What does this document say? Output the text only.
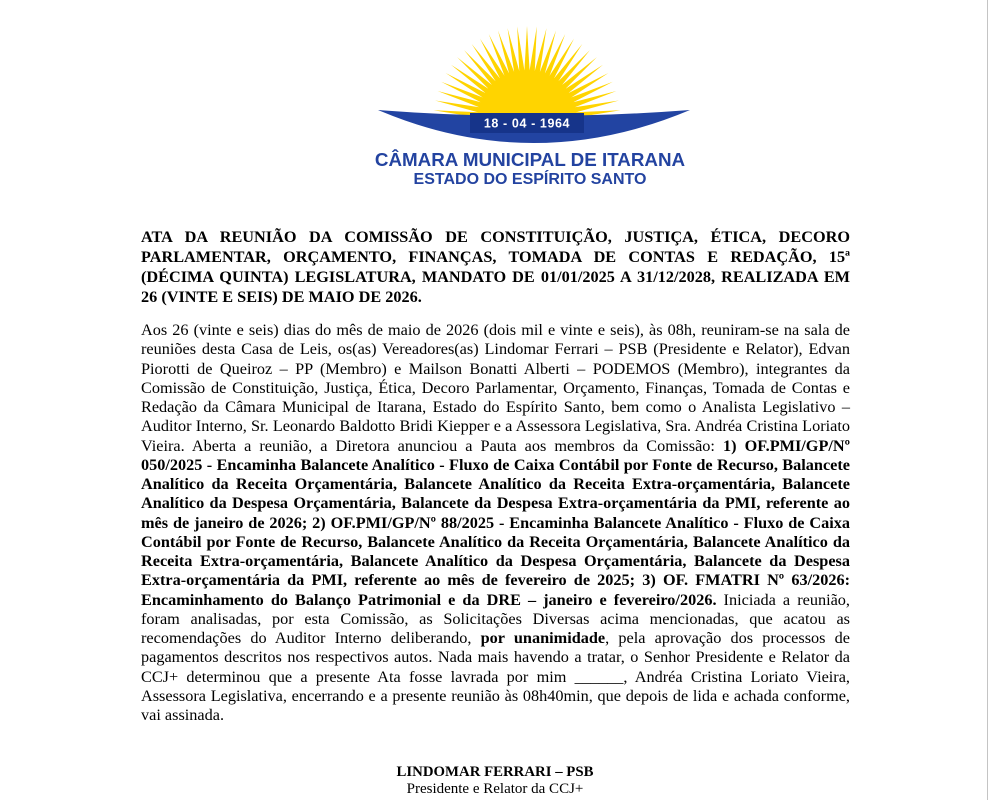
18 - 04 - 1964
CÂMARA MUNICIPAL DE ITARANA
ESTADO DO ESPÍRITO SANTO
ATA DA REUNIÃO DA COMISSÃO DE CONSTITUIÇÃO, JUSTIÇA, ÉTICA, DECORO PARLAMENTAR, ORÇAMENTO, FINANÇAS, TOMADA DE CONTAS E REDAÇÃO, 15ª (DÉCIMA QUINTA) LEGISLATURA, MANDATO DE 01/01/2025 A 31/12/2028, REALIZADA EM 26 (VINTE E SEIS) DE MAIO DE 2026.

Aos 26 (vinte e seis) dias do mês de maio de 2026 (dois mil e vinte e seis), às 08h, reuniram-se na sala de reuniões desta Casa de Leis, os(as) Vereadores(as) Lindomar Ferrari – PSB (Presidente e Relator), Edvan Piorotti de Queiroz – PP (Membro) e Mailson Bonatti Alberti – PODEMOS (Membro), integrantes da Comissão de Constituição, Justiça, Ética, Decoro Parlamentar, Orçamento, Finanças, Tomada de Contas e Redação da Câmara Municipal de Itarana, Estado do Espírito Santo, bem como o Analista Legislativo – Auditor Interno, Sr. Leonardo Baldotto Bridi Kiepper e a Assessora Legislativa, Sra. Andréa Cristina Loriato Vieira. Aberta a reunião, a Diretora anunciou a Pauta aos membros da Comissão: 1) OF.PMI/GP/Nº 050/2025 - Encaminha Balancete Analítico - Fluxo de Caixa Contábil por Fonte de Recurso, Balancete Analítico da Receita Orçamentária, Balancete Analítico da Receita Extra-orçamentária, Balancete Analítico da Despesa Orçamentária, Balancete da Despesa Extra-orçamentária da PMI, referente ao mês de janeiro de 2026; 2) OF.PMI/GP/Nº 88/2025 - Encaminha Balancete Analítico - Fluxo de Caixa Contábil por Fonte de Recurso, Balancete Analítico da Receita Orçamentária, Balancete Analítico da Receita Extra-orçamentária, Balancete Analítico da Despesa Orçamentária, Balancete da Despesa Extra-orçamentária da PMI, referente ao mês de fevereiro de 2025; 3) OF. FMATRI Nº 63/2026: Encaminhamento do Balanço Patrimonial e da DRE – janeiro e fevereiro/2026. Iniciada a reunião, foram analisadas, por esta Comissão, as Solicitações Diversas acima mencionadas, que acatou as recomendações do Auditor Interno deliberando, por unanimidade, pela aprovação dos processos de pagamentos descritos nos respectivos autos. Nada mais havendo a tratar, o Senhor Presidente e Relator da CCJ+ determinou que a presente Ata fosse lavrada por mim ______, Andréa Cristina Loriato Vieira, Assessora Legislativa, encerrando e a presente reunião às 08h40min, que depois de lida e achada conforme, vai assinada.

LINDOMAR FERRARI – PSB
Presidente e Relator da CCJ+
